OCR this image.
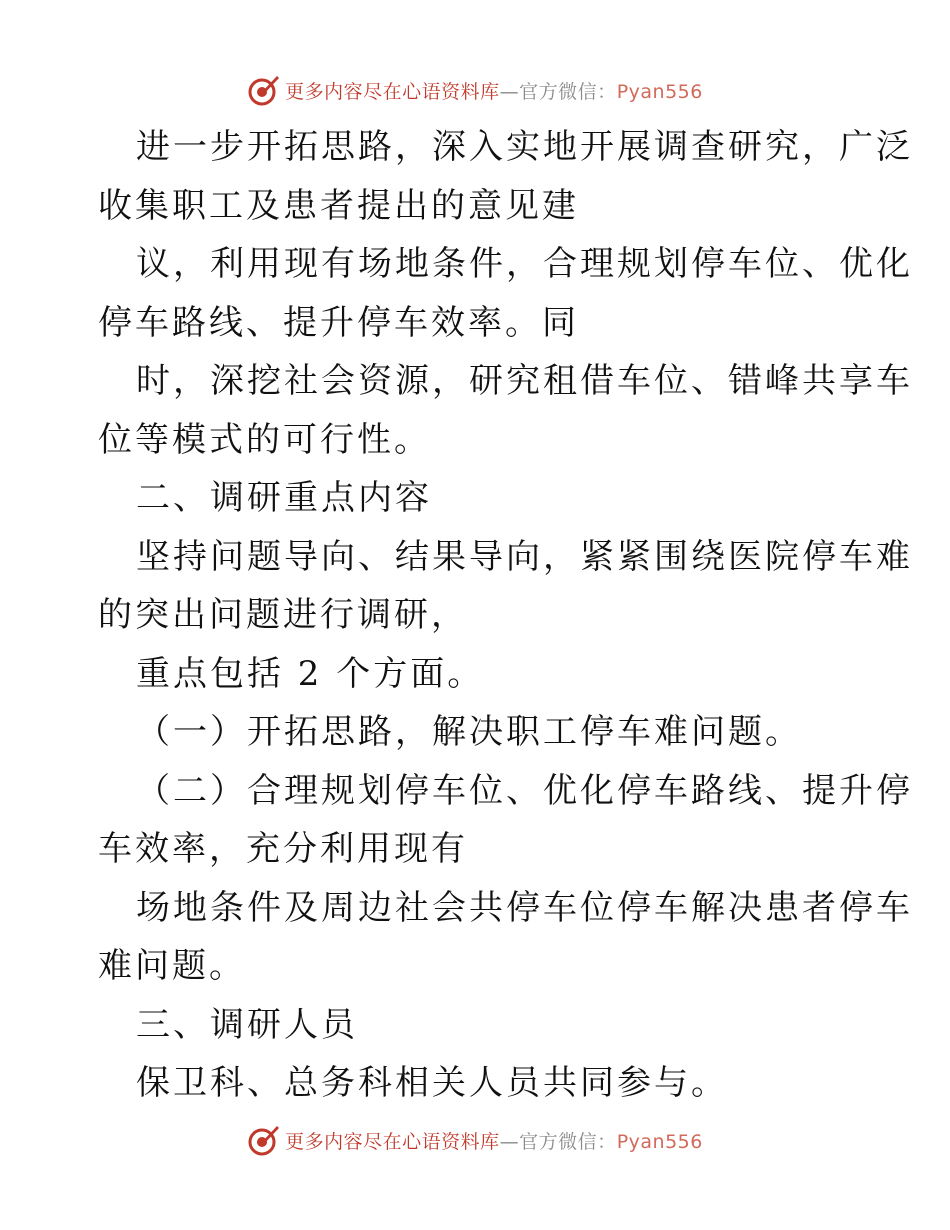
更多内容尽在心语资料库—官方微信：Pyan556

进一步开拓思路，深入实地开展调查研究，广泛

收集职工及患者提出的意见建

议，利用现有场地条件，合理规划停车位、优化

停车路线、提升停车效率。同

时，深挖社会资源，研究租借车位、错峰共享车

位等模式的可行性。

二、调研重点内容

坚持问题导向、结果导向，紧紧围绕医院停车难

的突出问题进行调研，

重点包括 2 个方面。

（一）开拓思路，解决职工停车难问题。

（二）合理规划停车位、优化停车路线、提升停

车效率，充分利用现有

场地条件及周边社会共停车位停车解决患者停车

难问题。

三、调研人员

保卫科、总务科相关人员共同参与。

更多内容尽在心语资料库—官方微信：Pyan556
